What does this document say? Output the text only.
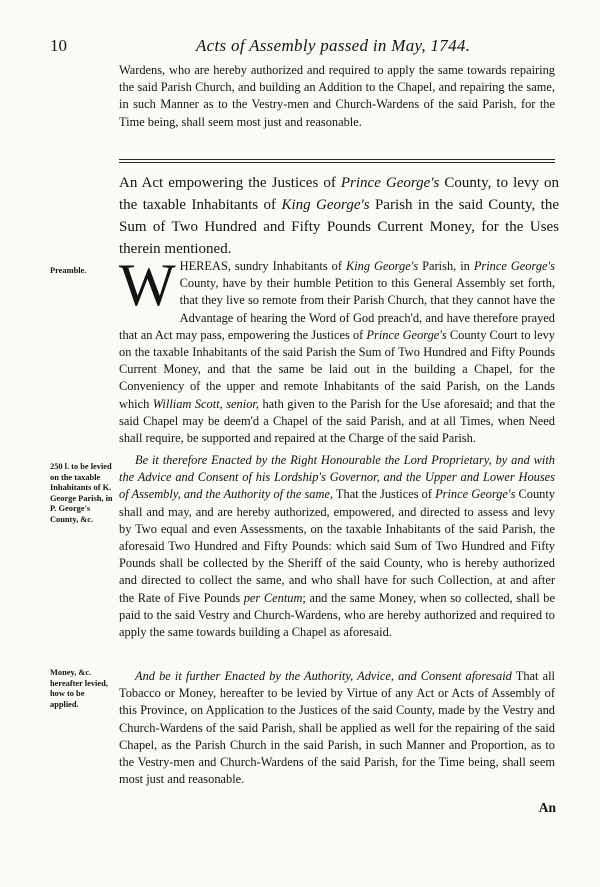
10	Acts of Assembly passed in May, 1744.
Wardens, who are hereby authorized and required to apply the same towards repairing the said Parish Church, and building an Addition to the Chapel, and repairing the same, in such Manner as to the Vestry-men and Church-Wardens of the said Parish, for the Time being, shall seem most just and reasonable.
An Act empowering the Justices of Prince George's County, to levy on the taxable Inhabitants of King George's Parish in the said County, the Sum of Two Hundred and Fifty Pounds Current Money, for the Uses therein mentioned.
Preamble.
250 l. to be levied on the taxable Inhabitants of K. George Parish, in P. George's County, &c.
Money, &c. hereafter levied, how to be applied.

WHEREAS, sundry Inhabitants of King George's Parish, in Prince George's County, have by their humble Petition to this General Assembly set forth, that they live so remote from their Parish Church, that they cannot have the Advantage of hearing the Word of God preach'd, and have therefore prayed that an Act may pass, empowering the Justices of Prince George's County Court to levy on the taxable Inhabitants of the said Parish the Sum of Two Hundred and Fifty Pounds Current Money, and that the same be laid out in the building a Chapel, for the Conveniency of the upper and remote Inhabitants of the said Parish, on the Lands which William Scott, senior, hath given to the Parish for the Use aforesaid; and that the said Chapel may be deem'd a Chapel of the said Parish, and at all Times, when Need shall require, be supported and repaired at the Charge of the said Parish.

Be it therefore Enacted by the Right Honourable the Lord Proprietary, by and with the Advice and Consent of his Lordship's Governor, and the Upper and Lower Houses of Assembly, and the Authority of the same, That the Justices of Prince George's County shall and may, and are hereby authorized, empowered, and directed to assess and levy by Two equal and even Assessments, on the taxable Inhabitants of the said Parish, the aforesaid Two Hundred and Fifty Pounds: which said Sum of Two Hundred and Fifty Pounds shall be collected by the Sheriff of the said County, who is hereby authorized and directed to collect the same, and who shall have for such Collection, at and after the Rate of Five Pounds per Centum; and the same Money, when so collected, shall be paid to the said Vestry and Church-Wardens, who are hereby authorized and required to apply the same towards building a Chapel as aforesaid.

And be it further Enacted by the Authority, Advice, and Consent aforesaid That all Tobacco or Money, hereafter to be levied by Virtue of any Act or Acts of Assembly of this Province, on Application to the Justices of the said County, made by the Vestry and Church-Wardens of the said Parish, shall be applied as well for the repairing of the said Chapel, as the Parish Church in the said Parish, in such Manner and Proportion, as to the Vestry-men and Church-Wardens of the said Parish, for the Time being, shall seem most just and reasonable.

An
